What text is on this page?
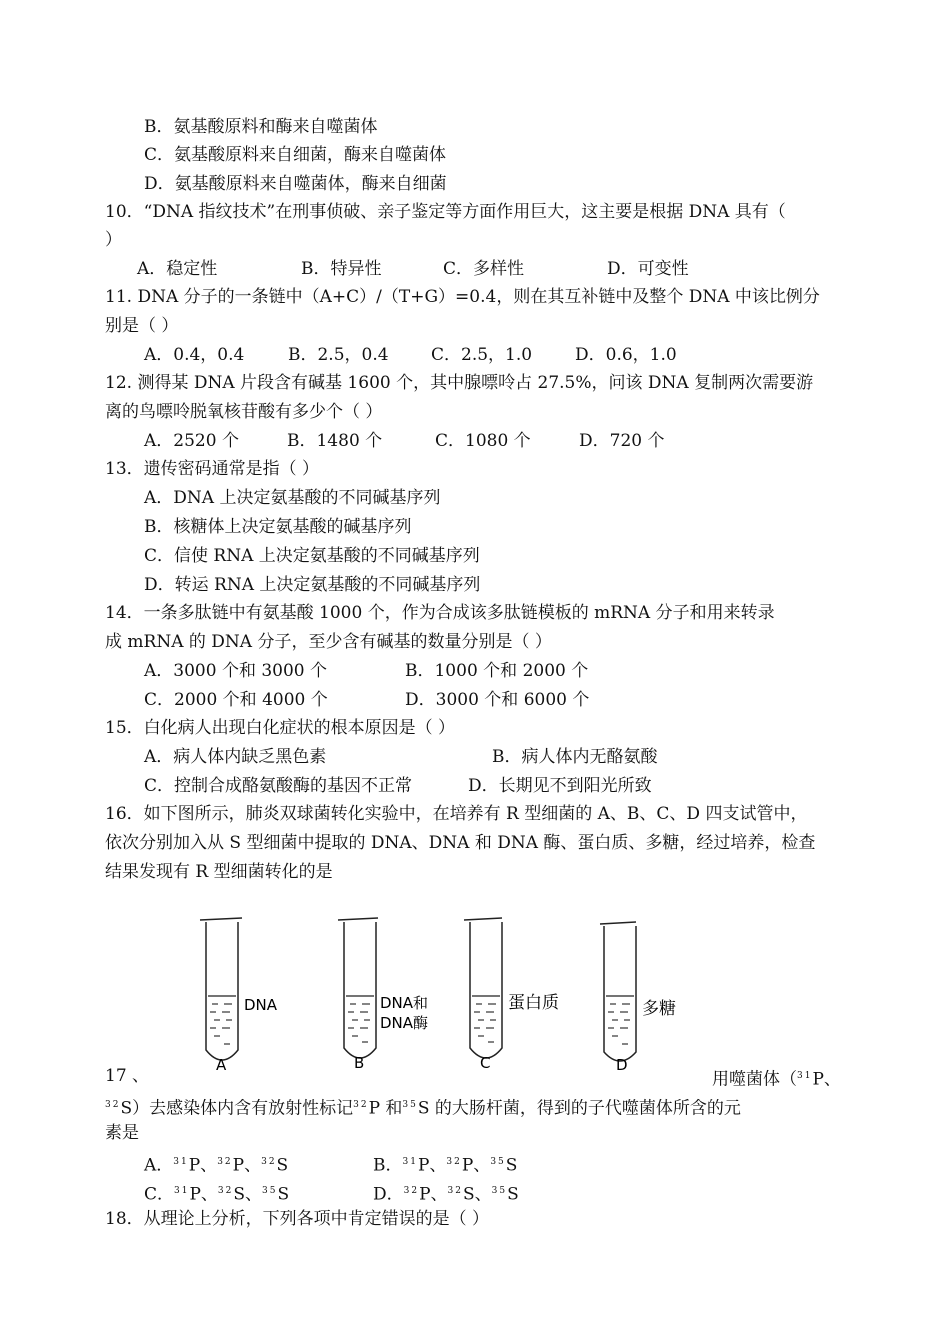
B．氨基酸原料和酶来自噬菌体
C．氨基酸原料来自细菌，酶来自噬菌体
D．氨基酸原料来自噬菌体，酶来自细菌
10．“DNA 指纹技术”在刑事侦破、亲子鉴定等方面作用巨大，这主要是根据 DNA 具有（
）
A．稳定性	B．特异性	C．多样性	D．可变性
11. DNA 分子的一条链中（A+C）/（T+G）=0.4，则在其互补链中及整个 DNA 中该比例分
别是（ ）
A．0.4，0.4	B．2.5，0.4 C．2.5，1.0	D．0.6，1.0
12. 测得某 DNA 片段含有碱基 1600 个，其中腺嘌呤占 27.5%，问该 DNA 复制两次需要游
离的鸟嘌呤脱氧核苷酸有多少个（ ）
A．2520 个	B．1480 个	C．1080 个	D．720 个
13．遗传密码通常是指（ ）
A．DNA 上决定氨基酸的不同碱基序列
B．核糖体上决定氨基酸的碱基序列
C．信使 RNA 上决定氨基酸的不同碱基序列
D．转运 RNA 上决定氨基酸的不同碱基序列
14．一条多肽链中有氨基酸 1000 个，作为合成该多肽链模板的 mRNA 分子和用来转录
成 mRNA 的 DNA 分子，至少含有碱基的数量分别是（ ）
A．3000 个和 3000 个	B．1000 个和 2000 个
C．2000 个和 4000 个	D．3000 个和 6000 个
15．白化病人出现白化症状的根本原因是（ ）
A．病人体内缺乏黑色素	B．病人体内无酪氨酸
C．控制合成酪氨酸酶的基因不正常	D．长期见不到阳光所致
16．如下图所示，肺炎双球菌转化实验中，在培养有 R 型细菌的 A、B、C、D 四支试管中，
依次分别加入从 S 型细菌中提取的 DNA、DNA 和 DNA 酶、蛋白质、多糖，经过培养，检查
结果发现有 R 型细菌转化的是
DNA
A
DNA和
DNA酶
B
蛋白质
C
多糖
D
17 、	用噬菌体（$^{31}$P、
$^{32}$S）去感染体内含有放射性标记$^{32}$P 和$^{35}$S 的大肠杆菌，得到的子代噬菌体所含的元
素是
A．$^{31}$P、$^{32}$P、$^{32}$S	B．$^{31}$P、$^{32}$P、$^{35}$S
C．$^{31}$P、$^{32}$S、$^{35}$S	D．$^{32}$P、$^{32}$S、$^{35}$S
18．从理论上分析，下列各项中肯定错误的是（ ）
